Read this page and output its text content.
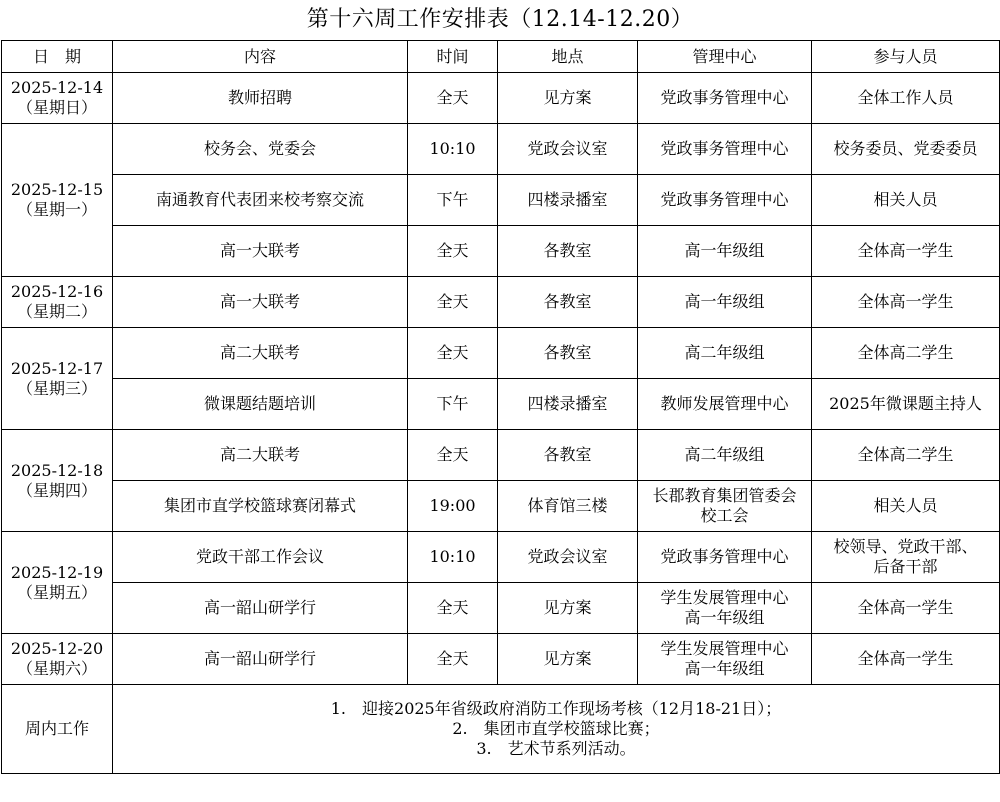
第十六周工作安排表（12.14-12.20）
日　期	内容	时间	地点	管理中心	参与人员

2025-12-14
（星期日）	教师招聘	全天	见方案	党政事务管理中心	全体工作人员

2025-12-15
（星期一）	校务会、党委会	10:10	党政会议室	党政事务管理中心	校务委员、党委委员

	南通教育代表团来校考察交流	下午	四楼录播室	党政事务管理中心	相关人员

	高一大联考	全天	各教室	高一年级组	全体高一学生

2025-12-16
（星期二）	高一大联考	全天	各教室	高一年级组	全体高一学生

2025-12-17
（星期三）	高二大联考	全天	各教室	高二年级组	全体高二学生

	微课题结题培训	下午	四楼录播室	教师发展管理中心	2025年微课题主持人

2025-12-18
（星期四）	高二大联考	全天	各教室	高二年级组	全体高二学生

	集团市直学校篮球赛闭幕式	19:00	体育馆三楼	长郡教育集团管委会
校工会	相关人员

2025-12-19
（星期五）	党政干部工作会议	10:10	党政会议室	党政事务管理中心	校领导、党政干部、
后备干部

	高一韶山研学行	全天	见方案	学生发展管理中心
高一年级组	全体高一学生

2025-12-20
（星期六）	高一韶山研学行	全天	见方案	学生发展管理中心
高一年级组	全体高一学生

周内工作	1.　迎接2025年省级政府消防工作现场考核（12月18-21日）；
2.　集团市直学校篮球比赛；
3.　艺术节系列活动。				
